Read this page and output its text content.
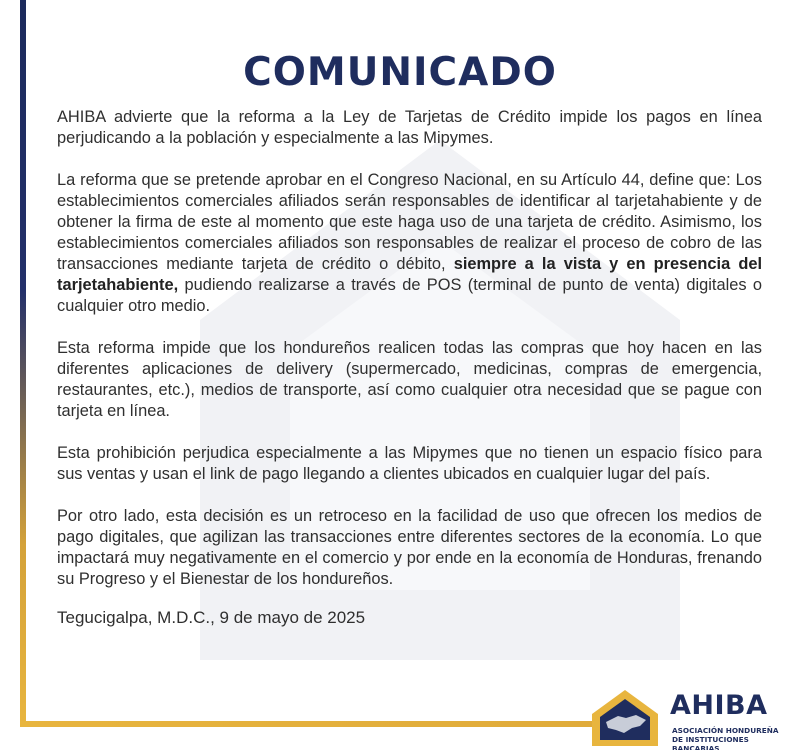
COMUNICADO

AHIBA advierte que la reforma a la Ley de Tarjetas de Crédito impide los pagos en línea perjudicando a la población y especialmente a las Mipymes.

La reforma que se pretende aprobar en el Congreso Nacional, en su Artículo 44, define que: Los establecimientos comerciales afiliados serán responsables de identificar al tarjetahabiente y de obtener la firma de este al momento que este haga uso de una tarjeta de crédito. Asimismo, los establecimientos comerciales afiliados son responsables de realizar el proceso de cobro de las transacciones mediante tarjeta de crédito o débito, siempre a la vista y en presencia del tarjetahabiente, pudiendo realizarse a través de POS (terminal de punto de venta) digitales o cualquier otro medio.

Esta reforma impide que los hondureños realicen todas las compras que hoy hacen en las diferentes aplicaciones de delivery (supermercado, medicinas, compras de emergencia, restaurantes, etc.), medios de transporte, así como cualquier otra necesidad que se pague con tarjeta en línea.

Esta prohibición perjudica especialmente a las Mipymes que no tienen un espacio físico para sus ventas y usan el link de pago llegando a clientes ubicados en cualquier lugar del país.

Por otro lado, esta decisión es un retroceso en la facilidad de uso que ofrecen los medios de pago digitales, que agilizan las transacciones entre diferentes sectores de la economía. Lo que impactará muy negativamente en el comercio y por ende en la economía de Honduras, frenando su Progreso y el Bienestar de los hondureños.

Tegucigalpa, M.D.C., 9 de mayo de 2025
AHIBA
ASOCIACIÓN HONDUREÑA
DE INSTITUCIONES BANCARIAS
